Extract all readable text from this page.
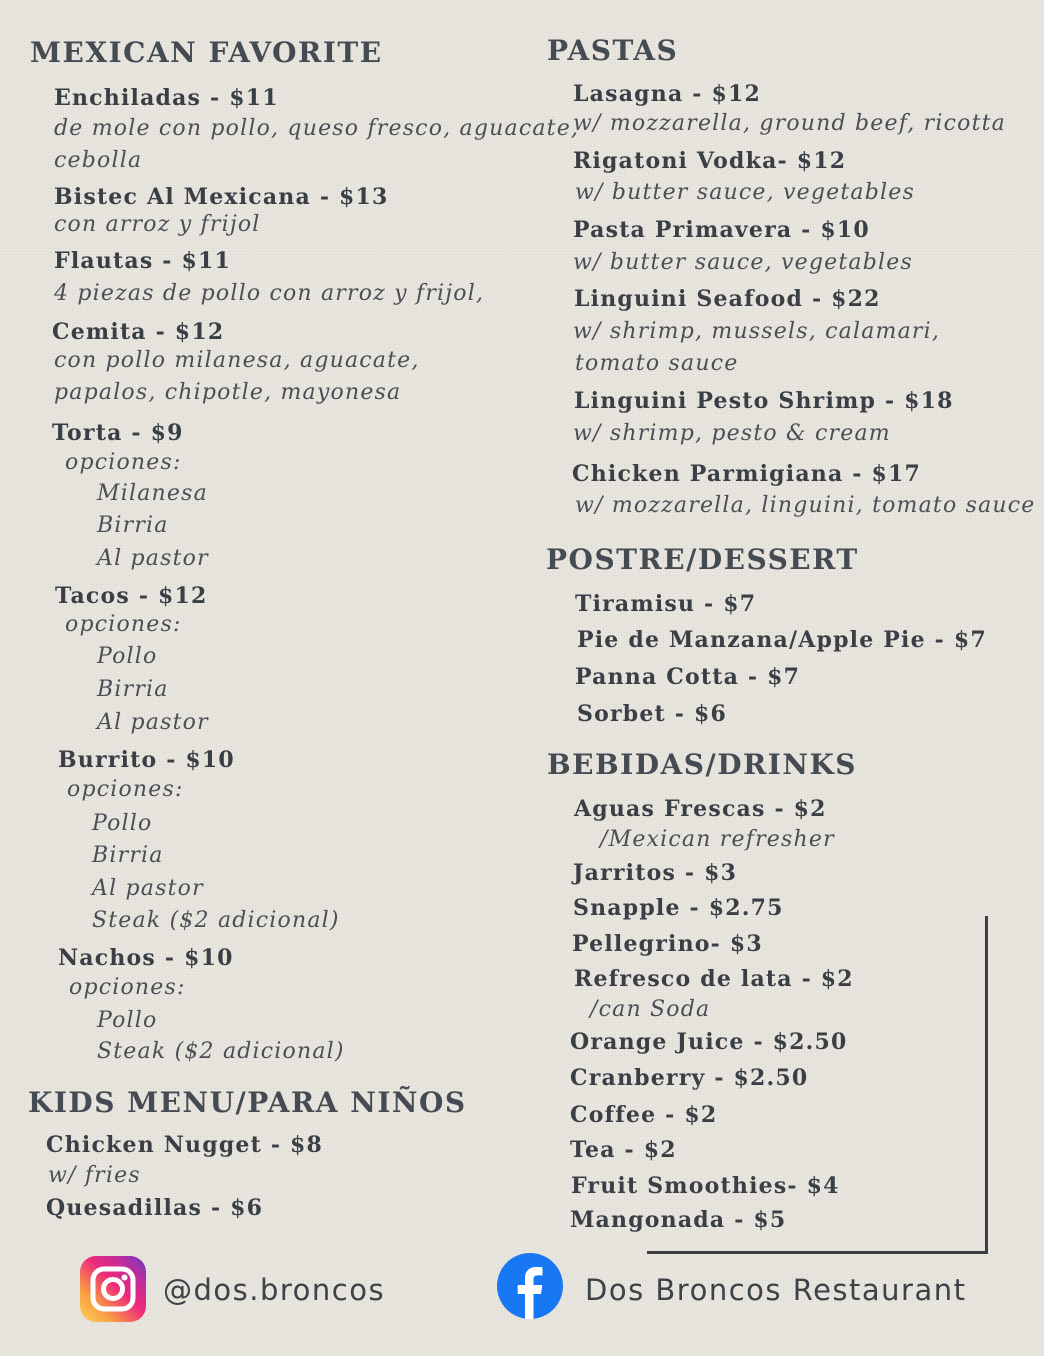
MEXICAN FAVORITE
Enchiladas - $11
de mole con pollo, queso fresco, aguacate,
cebolla
Bistec Al Mexicana - $13
con arroz y frijol
Flautas - $11
4 piezas de pollo con arroz y frijol,
Cemita - $12
con pollo milanesa, aguacate,
papalos, chipotle, mayonesa
Torta - $9
opciones:
Milanesa
Birria
Al pastor
Tacos - $12
opciones:
Pollo
Birria
Al pastor
Burrito - $10
opciones:
Pollo
Birria
Al pastor
Steak ($2 adicional)
Nachos - $10
opciones:
Pollo
Steak ($2 adicional)
KIDS MENU/PARA NIÑOS
Chicken Nugget - $8
w/ fries
Quesadillas - $6
PASTAS
Lasagna - $12
w/ mozzarella, ground beef, ricotta
Rigatoni Vodka- $12
w/ butter sauce, vegetables
Pasta Primavera - $10
w/ butter sauce, vegetables
Linguini Seafood - $22
w/ shrimp, mussels, calamari,
tomato sauce
Linguini Pesto Shrimp - $18
w/ shrimp, pesto & cream
Chicken Parmigiana - $17
w/ mozzarella, linguini, tomato sauce
POSTRE/DESSERT
Tiramisu - $7
Pie de Manzana/Apple Pie - $7
Panna Cotta - $7
Sorbet - $6
BEBIDAS/DRINKS
Aguas Frescas - $2
/Mexican refresher
Jarritos - $3
Snapple - $2.75
Pellegrino- $3
Refresco de lata - $2
/can Soda
Orange Juice - $2.50
Cranberry - $2.50
Coffee - $2
Tea - $2
Fruit Smoothies- $4
Mangonada - $5
@dos.broncos	Dos Broncos Restaurant
